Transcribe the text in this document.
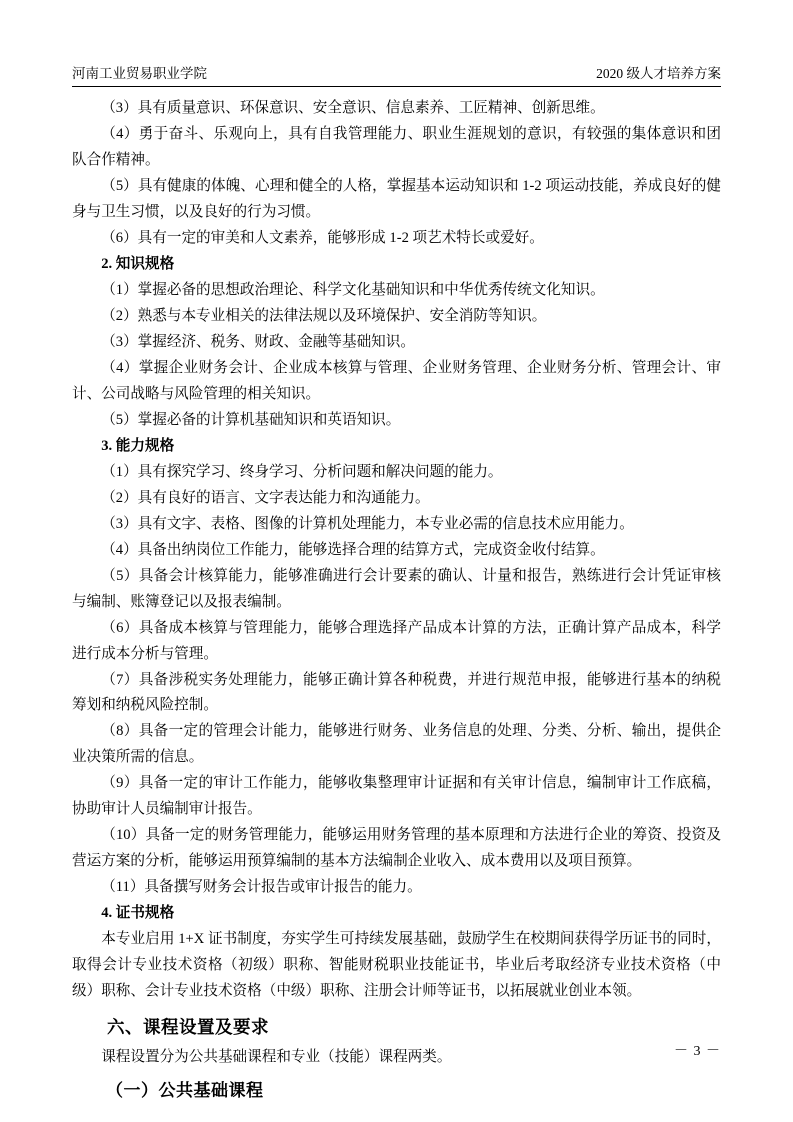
河南工业贸易职业学院	2020 级人才培养方案

（3）具有质量意识、环保意识、安全意识、信息素养、工匠精神、创新思维。

（4）勇于奋斗、乐观向上，具有自我管理能力、职业生涯规划的意识，有较强的集体意识和团队合作精神。

（5）具有健康的体魄、心理和健全的人格，掌握基本运动知识和 1-2 项运动技能，养成良好的健身与卫生习惯，以及良好的行为习惯。

（6）具有一定的审美和人文素养，能够形成 1-2 项艺术特长或爱好。

2. 知识规格

（1）掌握必备的思想政治理论、科学文化基础知识和中华优秀传统文化知识。

（2）熟悉与本专业相关的法律法规以及环境保护、安全消防等知识。

（3）掌握经济、税务、财政、金融等基础知识。

（4）掌握企业财务会计、企业成本核算与管理、企业财务管理、企业财务分析、管理会计、审计、公司战略与风险管理的相关知识。

（5）掌握必备的计算机基础知识和英语知识。

3. 能力规格

（1）具有探究学习、终身学习、分析问题和解决问题的能力。

（2）具有良好的语言、文字表达能力和沟通能力。

（3）具有文字、表格、图像的计算机处理能力，本专业必需的信息技术应用能力。

（4）具备出纳岗位工作能力，能够选择合理的结算方式，完成资金收付结算。

（5）具备会计核算能力，能够准确进行会计要素的确认、计量和报告，熟练进行会计凭证审核与编制、账簿登记以及报表编制。

（6）具备成本核算与管理能力，能够合理选择产品成本计算的方法，正确计算产品成本，科学进行成本分析与管理。

（7）具备涉税实务处理能力，能够正确计算各种税费，并进行规范申报，能够进行基本的纳税筹划和纳税风险控制。

（8）具备一定的管理会计能力，能够进行财务、业务信息的处理、分类、分析、输出，提供企业决策所需的信息。

（9）具备一定的审计工作能力，能够收集整理审计证据和有关审计信息，编制审计工作底稿，协助审计人员编制审计报告。

（10）具备一定的财务管理能力，能够运用财务管理的基本原理和方法进行企业的筹资、投资及营运方案的分析，能够运用预算编制的基本方法编制企业收入、成本费用以及项目预算。

（11）具备撰写财务会计报告或审计报告的能力。

4. 证书规格

本专业启用 1+X 证书制度，夯实学生可持续发展基础，鼓励学生在校期间获得学历证书的同时，取得会计专业技术资格（初级）职称、智能财税职业技能证书，毕业后考取经济专业技术资格（中级）职称、会计专业技术资格（中级）职称、注册会计师等证书，以拓展就业创业本领。

六、课程设置及要求

课程设置分为公共基础课程和专业（技能）课程两类。

（一）公共基础课程

－ 3 －
